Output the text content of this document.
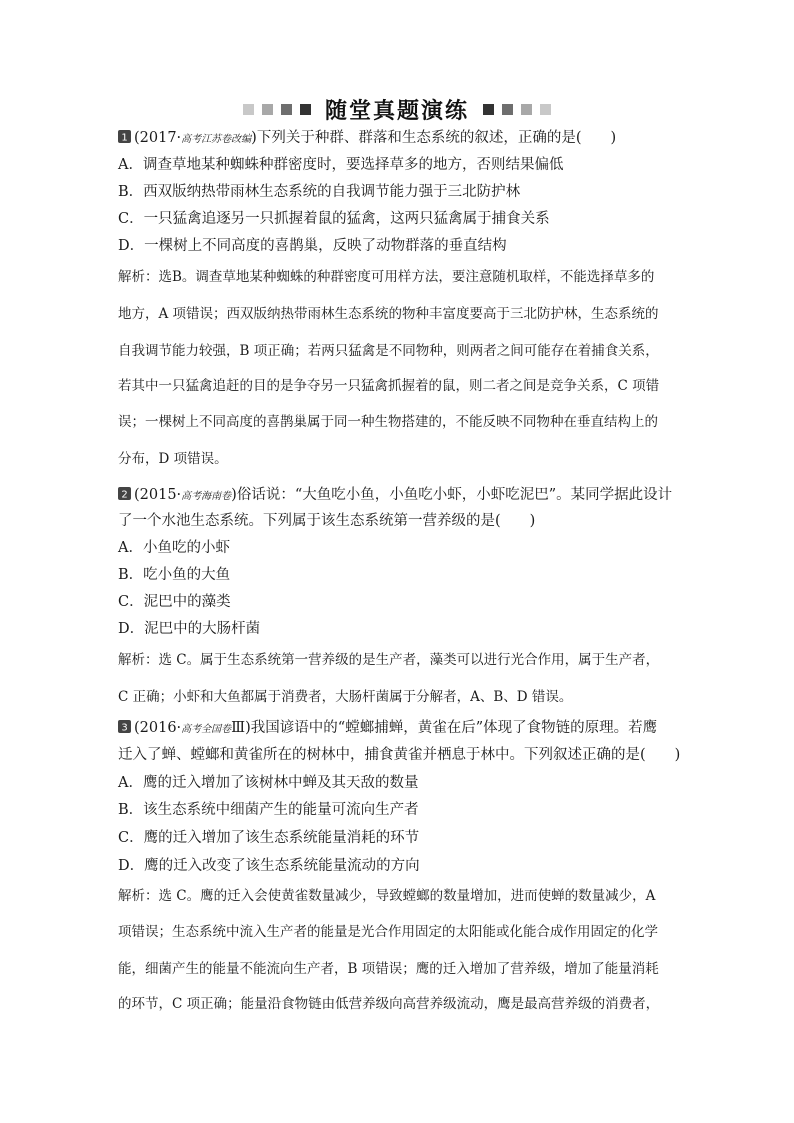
随堂真题演练
1 (2017·高考江苏卷改编)下列关于种群、群落和生态系统的叙述，正确的是(　　)
A．调查草地某种蜘蛛种群密度时，要选择草多的地方，否则结果偏低
B．西双版纳热带雨林生态系统的自我调节能力强于三北防护林
C．一只猛禽追逐另一只抓握着鼠的猛禽，这两只猛禽属于捕食关系
D．一棵树上不同高度的喜鹊巢，反映了动物群落的垂直结构
解析：选B。调查草地某种蜘蛛的种群密度可用样方法，要注意随机取样，不能选择草多的
地方，A 项错误；西双版纳热带雨林生态系统的物种丰富度要高于三北防护林，生态系统的
自我调节能力较强，B 项正确；若两只猛禽是不同物种，则两者之间可能存在着捕食关系，
若其中一只猛禽追赶的目的是争夺另一只猛禽抓握着的鼠，则二者之间是竞争关系，C 项错
误；一棵树上不同高度的喜鹊巢属于同一种生物搭建的，不能反映不同物种在垂直结构上的
分布，D 项错误。
2 (2015·高考海南卷)俗话说：“大鱼吃小鱼，小鱼吃小虾，小虾吃泥巴”。某同学据此设计
了一个水池生态系统。下列属于该生态系统第一营养级的是(　　)
A．小鱼吃的小虾
B．吃小鱼的大鱼
C．泥巴中的藻类
D．泥巴中的大肠杆菌
解析：选 C。属于生态系统第一营养级的是生产者，藻类可以进行光合作用，属于生产者，
C 正确；小虾和大鱼都属于消费者，大肠杆菌属于分解者，A、B、D 错误。
3 (2016·高考全国卷Ⅲ)我国谚语中的“螳螂捕蝉，黄雀在后”体现了食物链的原理。若鹰
迁入了蝉、螳螂和黄雀所在的树林中，捕食黄雀并栖息于林中。下列叙述正确的是(　　)
A．鹰的迁入增加了该树林中蝉及其天敌的数量
B．该生态系统中细菌产生的能量可流向生产者
C．鹰的迁入增加了该生态系统能量消耗的环节
D．鹰的迁入改变了该生态系统能量流动的方向
解析：选 C。鹰的迁入会使黄雀数量减少，导致螳螂的数量增加，进而使蝉的数量减少，A
项错误；生态系统中流入生产者的能量是光合作用固定的太阳能或化能合成作用固定的化学
能，细菌产生的能量不能流向生产者，B 项错误；鹰的迁入增加了营养级，增加了能量消耗
的环节，C 项正确；能量沿食物链由低营养级向高营养级流动，鹰是最高营养级的消费者，
